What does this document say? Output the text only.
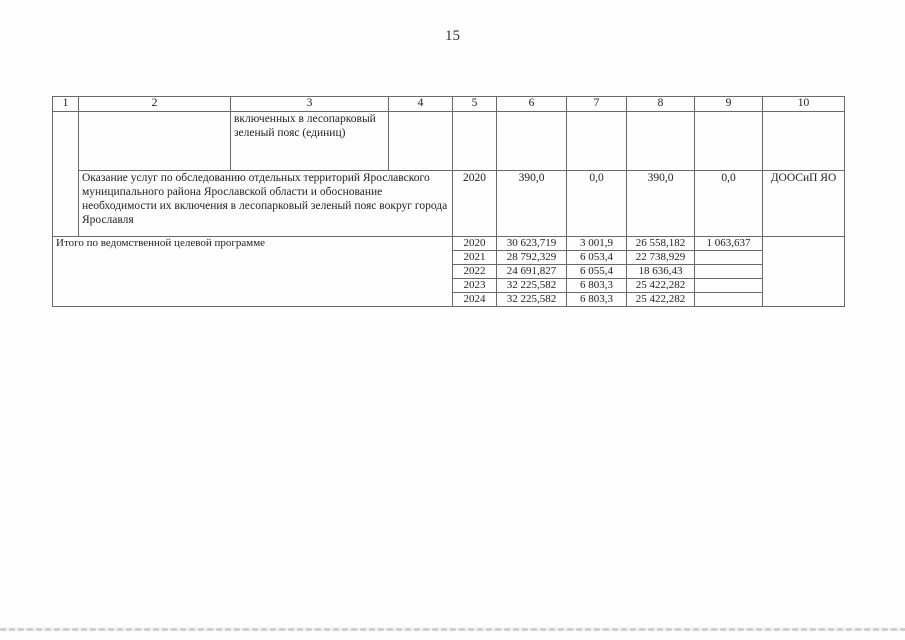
15
1	2	3	4	5	6	7	8	9	10
		включенных в лесопарковый зеленый пояс (единиц)							
	Оказание услуг по обследованию отдельных территорий Ярославского муниципального района Ярославской области и обоснование необходимости их включения в лесопарковый зеленый пояс вокруг города Ярославля			2020	390,0	0,0	390,0	0,0	ДООСиП ЯО
Итого по ведомственной целевой программе				2020	30 623,719	3 001,9	26 558,182	1 063,637	
				2021	28 792,329	6 053,4	22 738,929		
				2022	24 691,827	6 055,4	18 636,43		
				2023	32 225,582	6 803,3	25 422,282		
				2024	32 225,582	6 803,3	25 422,282		
